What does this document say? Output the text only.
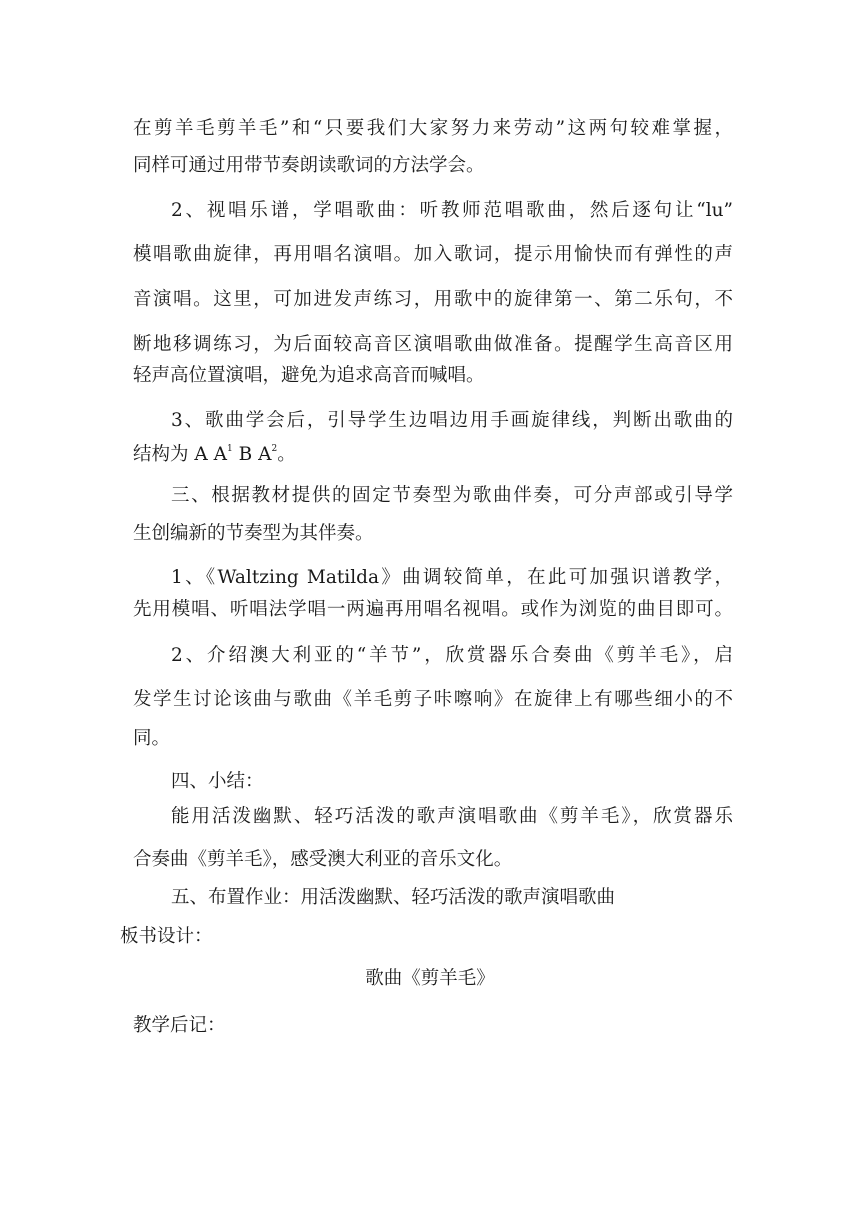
在剪羊毛剪羊毛”和“只要我们大家努力来劳动”这两句较难掌握，
同样可通过用带节奏朗读歌词的方法学会。
2、视唱乐谱，学唱歌曲：听教师范唱歌曲，然后逐句让“lu”
模唱歌曲旋律，再用唱名演唱。加入歌词，提示用愉快而有弹性的声
音演唱。这里，可加进发声练习，用歌中的旋律第一、第二乐句，不
断地移调练习，为后面较高音区演唱歌曲做准备。提醒学生高音区用
轻声高位置演唱，避免为追求高音而喊唱。
3、歌曲学会后，引导学生边唱边用手画旋律线，判断出歌曲的
结构为 A $A^1$ B $A^2$。
三、根据教材提供的固定节奏型为歌曲伴奏，可分声部或引导学
生创编新的节奏型为其伴奏。
1、《Waltzing Matilda》曲调较简单，在此可加强识谱教学，
先用模唱、听唱法学唱一两遍再用唱名视唱。或作为浏览的曲目即可。
2、介绍澳大利亚的“羊节”，欣赏器乐合奏曲《剪羊毛》，启
发学生讨论该曲与歌曲《羊毛剪子咔嚓响》在旋律上有哪些细小的不
同。
四、小结：
能用活泼幽默、轻巧活泼的歌声演唱歌曲《剪羊毛》，欣赏器乐
合奏曲《剪羊毛》，感受澳大利亚的音乐文化。
五、布置作业：用活泼幽默、轻巧活泼的歌声演唱歌曲
板书设计：
歌曲《剪羊毛》
教学后记：
